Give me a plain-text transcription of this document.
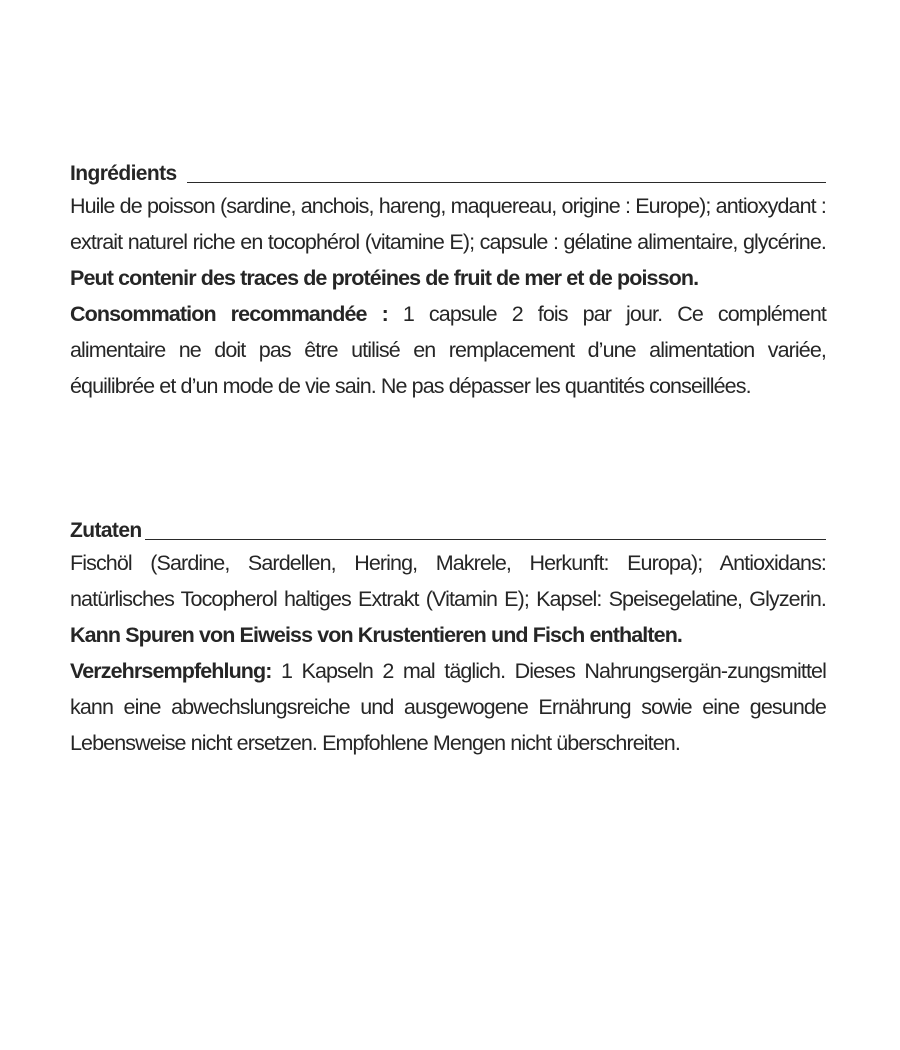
Ingrédients

Huile de poisson (sardine, anchois, hareng, maquereau, origine : Europe); antioxydant : extrait naturel riche en tocophérol (vitamine E); capsule : gélatine alimentaire, glycérine. Peut contenir des traces de protéines de fruit de mer et de poisson.

Consommation recommandée : 1 capsule 2 fois par jour. Ce complément alimentaire ne doit pas être utilisé en remplacement d’une alimentation variée, équilibrée et d’un mode de vie sain. Ne pas dépasser les quantités conseillées.

Zutaten

Fischöl (Sardine, Sardellen, Hering, Makrele, Herkunft: Europa); Antioxidans: natürlisches Tocopherol haltiges Extrakt (Vitamin E); Kapsel: Speisegelatine, Glyzerin. Kann Spuren von Eiweiss von Krustentieren und Fisch enthalten.

Verzehrsempfehlung: 1 Kapseln 2 mal täglich. Dieses Nahrungsergän-zungsmittel kann eine abwechslungsreiche und ausgewogene Ernährung sowie eine gesunde Lebensweise nicht ersetzen. Empfohlene Mengen nicht überschreiten.
